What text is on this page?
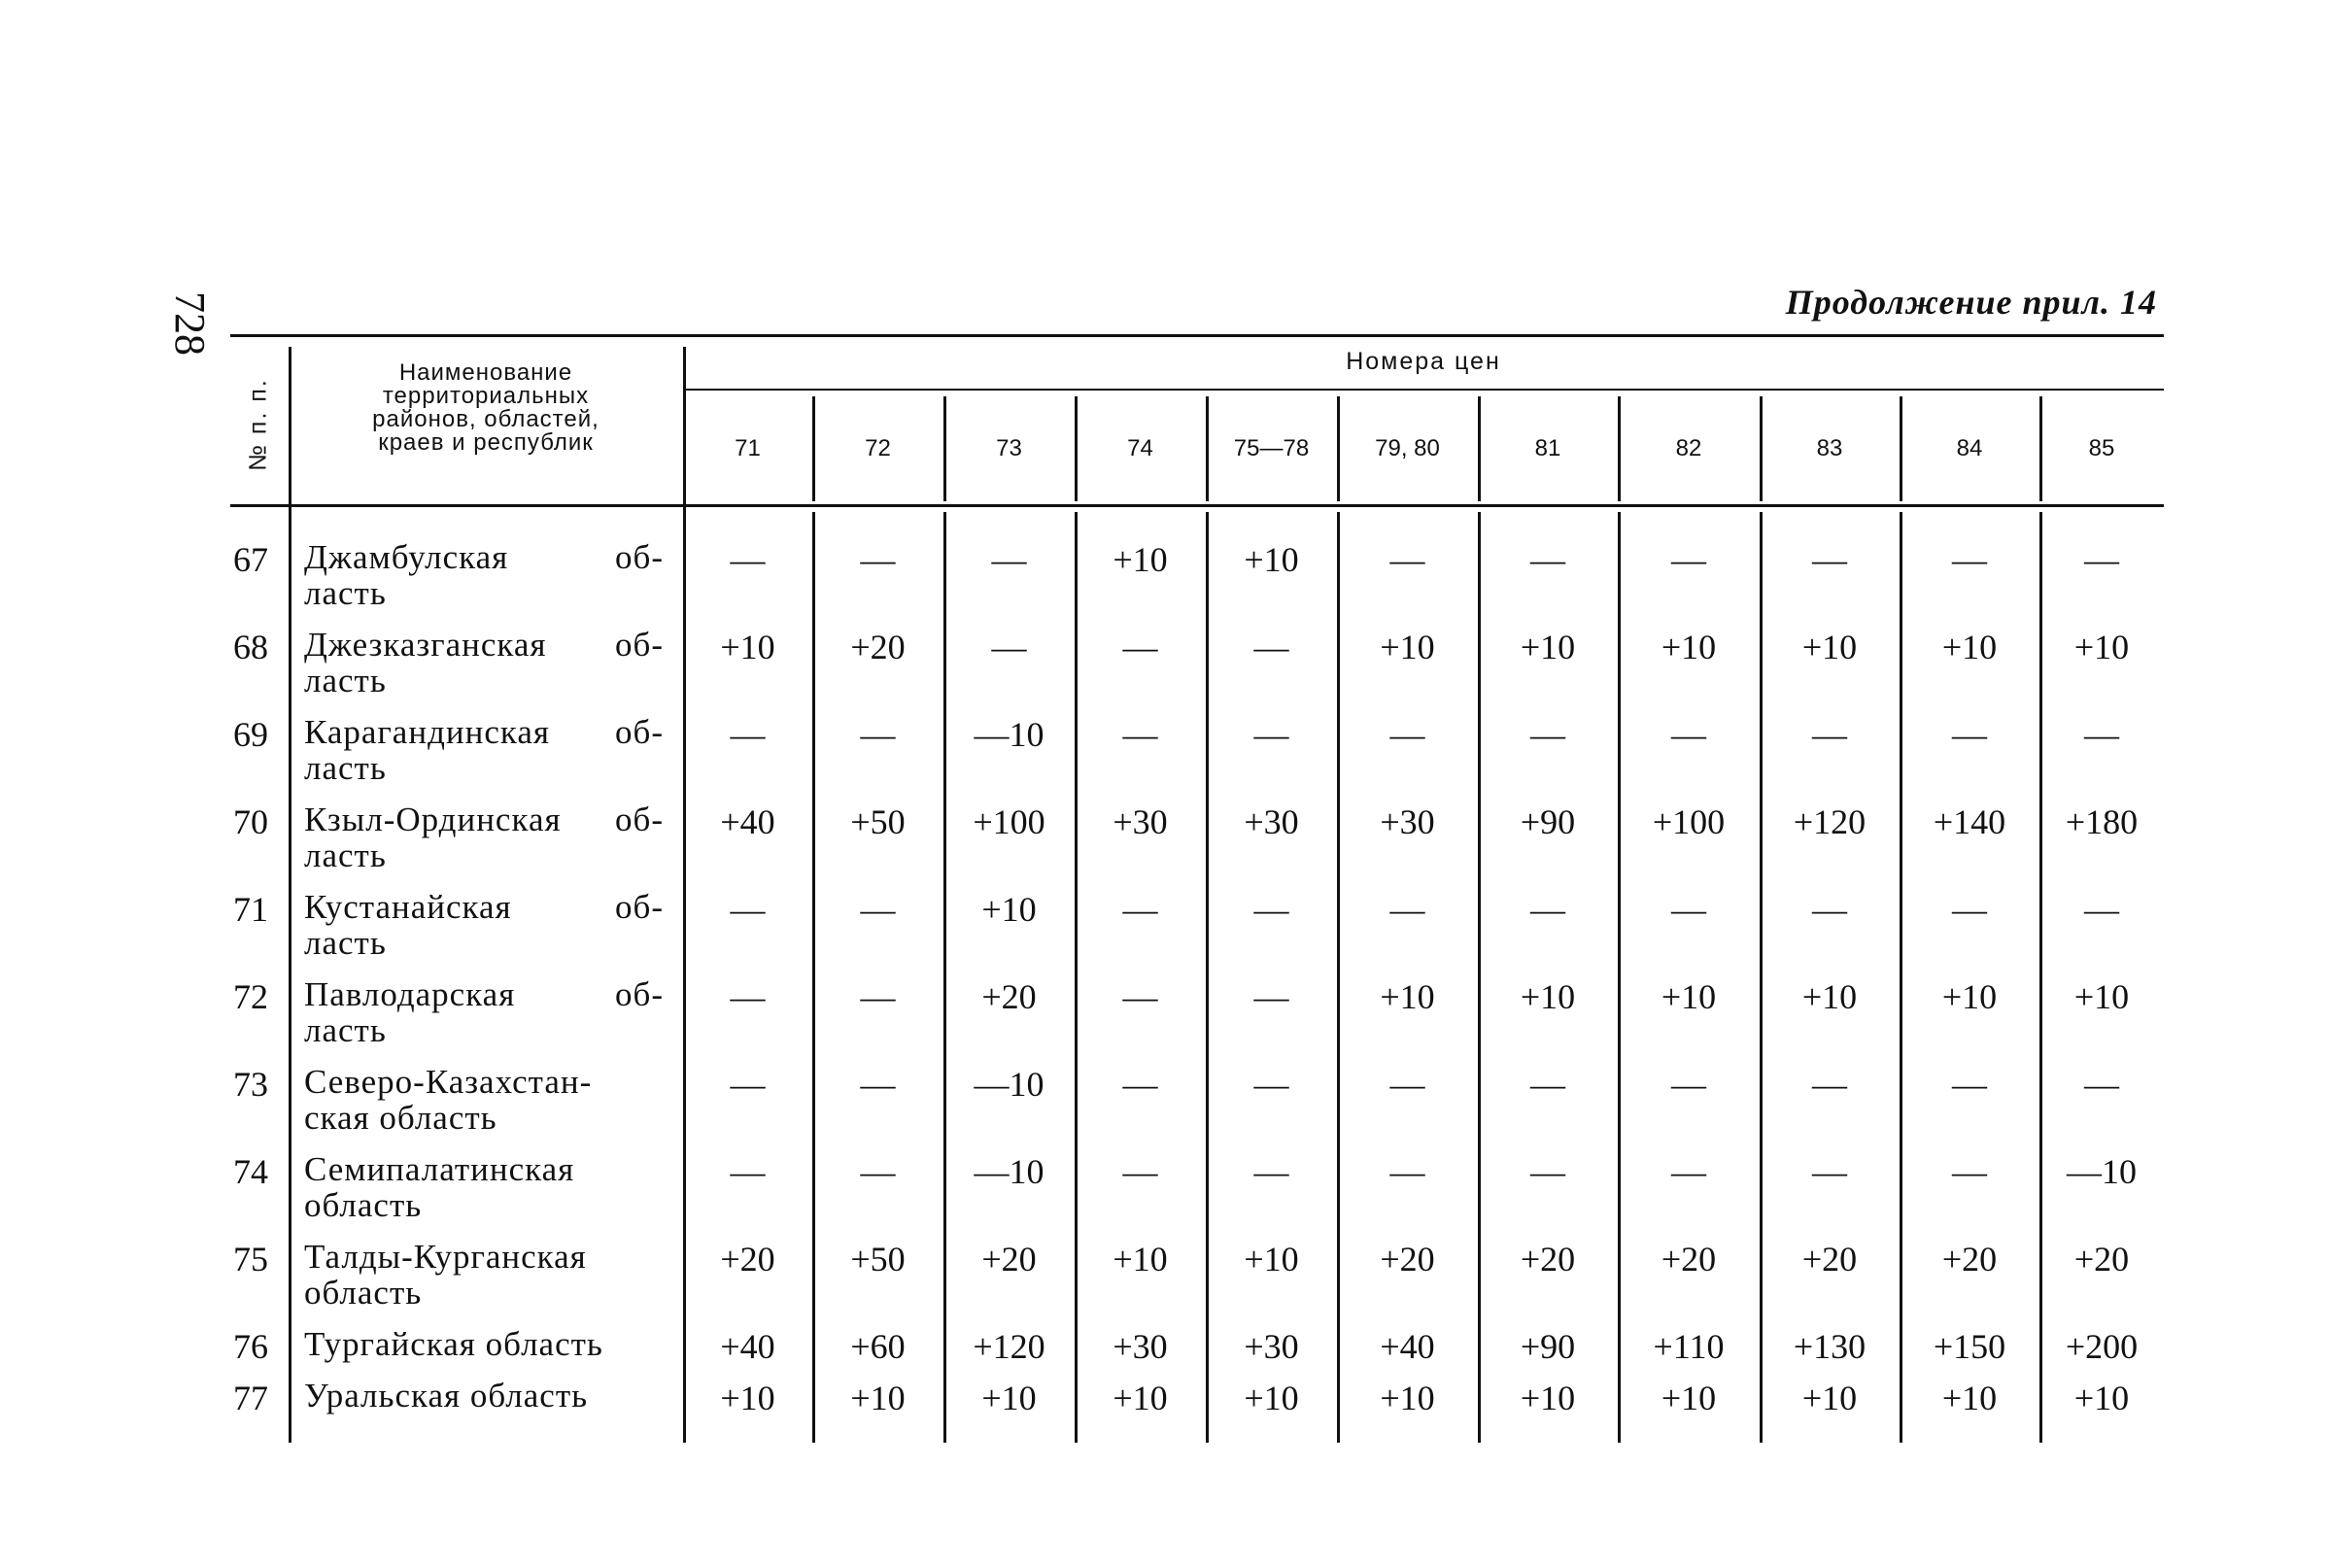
728	Продолжение прил. 14
№ п. п.
Наименование
территориальных
районов, областей,
краев и республик
Номера цен
71	72	73	74	75—78	79, 80	81	82	83	84	85
67	Джамбулская	об-
ласть
—	—	—	+10	+10	—	—	—	—	—	—
68	Джезказганская об-
ласть
+10	+20	—	—	—	+10	+10	+10	+10	+10	+10
69	Карагандинская об-
ласть
—	—	—10	—	—	—	—	—	—	—	—
70	Кзыл-Ординская об-
ласть
+40	+50	+100	+30	+30	+30	+90	+100	+120	+140	+180
71	Кустанайская	об-
ласть
—	—	+10	—	—	—	—	—	—	—	—
72	Павлодарская	об-
ласть
—	—	+20	—	—	+10	+10	+10	+10	+10	+10
73	Северо-Казахстан-
ская область
—	—	—10	—	—	—	—	—	—	—	—
74	Семипалатинская
область
—	—	—10	—	—	—	—	—	—	—	—10
75	Талды-Курганская
область
+20	+50	+20	+10	+10	+20	+20	+20	+20	+20	+20
76	Тургайская область	+40	+60	+120	+30	+30	+40	+90	+110	+130	+150	+200
77	Уральская область	+10	+10	+10	+10	+10	+10	+10	+10	+10	+10	+10
